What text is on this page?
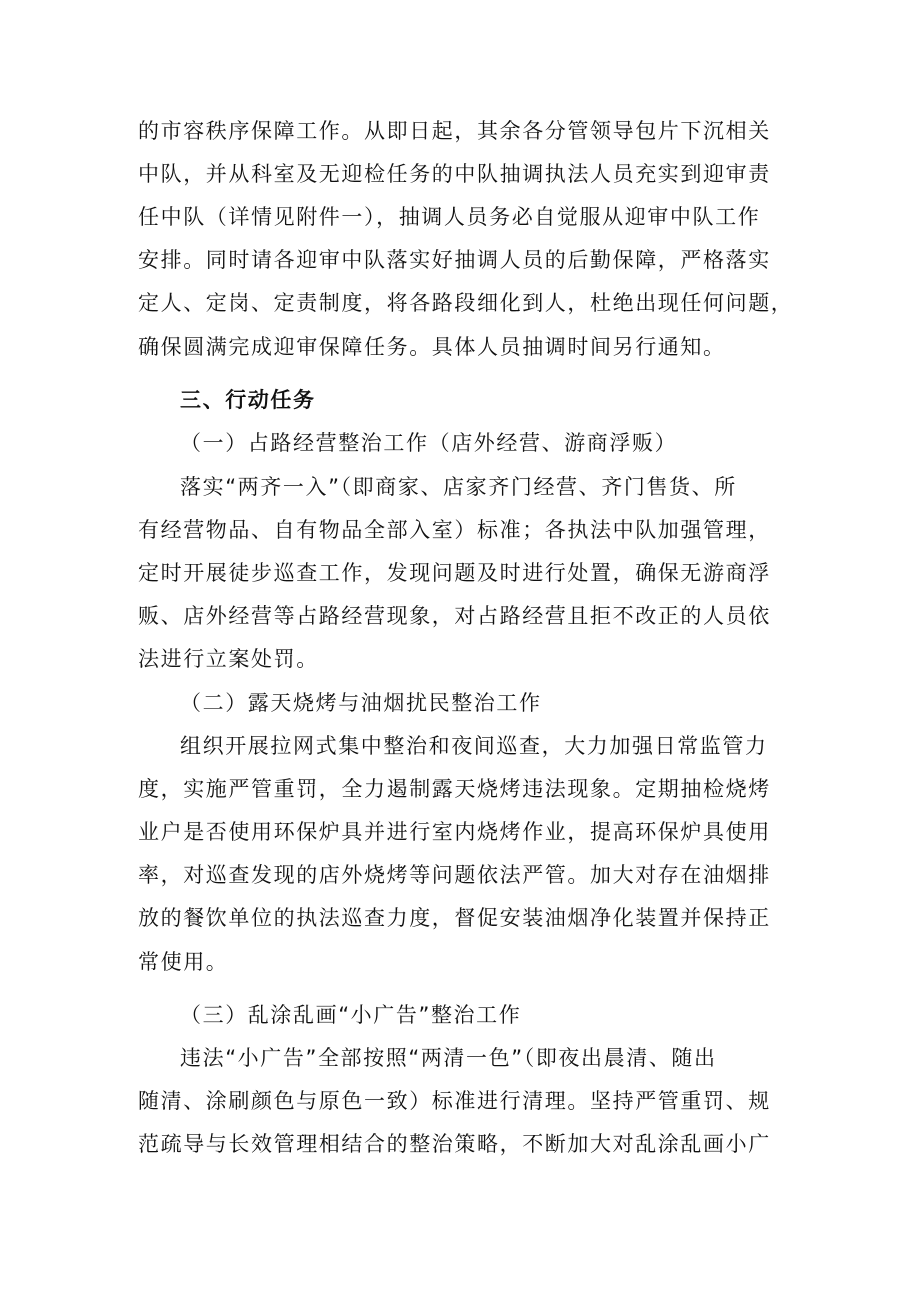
的市容秩序保障工作。从即日起，其余各分管领导包片下沉相关
中队，并从科室及无迎检任务的中队抽调执法人员充实到迎审责
任中队（详情见附件一），抽调人员务必自觉服从迎审中队工作
安排。同时请各迎审中队落实好抽调人员的后勤保障，严格落实
定人、定岗、定责制度，将各路段细化到人，杜绝出现任何问题，
确保圆满完成迎审保障任务。具体人员抽调时间另行通知。
三、行动任务
（一）占路经营整治工作（店外经营、游商浮贩）
落实“两齐一入”（即商家、店家齐门经营、齐门售货、所
有经营物品、自有物品全部入室）标准；各执法中队加强管理，
定时开展徒步巡查工作，发现问题及时进行处置，确保无游商浮
贩、店外经营等占路经营现象，对占路经营且拒不改正的人员依
法进行立案处罚。
（二）露天烧烤与油烟扰民整治工作
组织开展拉网式集中整治和夜间巡查，大力加强日常监管力
度，实施严管重罚，全力遏制露天烧烤违法现象。定期抽检烧烤
业户是否使用环保炉具并进行室内烧烤作业，提高环保炉具使用
率，对巡查发现的店外烧烤等问题依法严管。加大对存在油烟排
放的餐饮单位的执法巡查力度，督促安装油烟净化装置并保持正
常使用。
（三）乱涂乱画“小广告”整治工作
违法“小广告”全部按照“两清一色”（即夜出晨清、随出
随清、涂刷颜色与原色一致）标准进行清理。坚持严管重罚、规
范疏导与长效管理相结合的整治策略，不断加大对乱涂乱画小广
